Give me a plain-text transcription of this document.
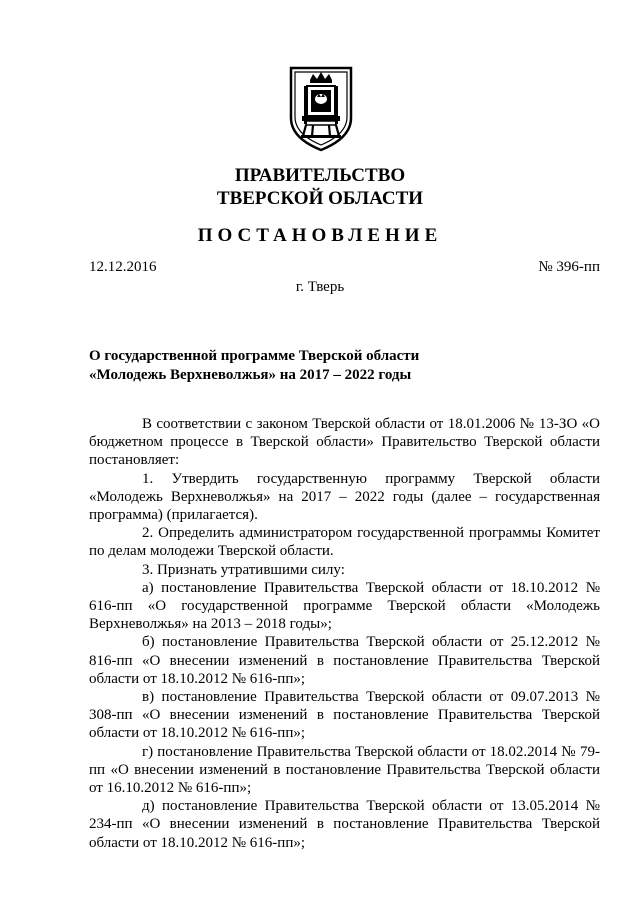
ПРАВИТЕЛЬСТВО
ТВЕРСКОЙ ОБЛАСТИ
ПОСТАНОВЛЕНИЕ
12.12.2016	№ 396-пп
г. Тверь
О государственной программе Тверской области
«Молодежь Верхневолжья» на 2017 – 2022 годы

В соответствии с законом Тверской области от 18.01.2006 № 13-ЗО «О бюджетном процессе в Тверской области» Правительство Тверской области постановляет:

1. Утвердить государственную программу Тверской области «Молодежь Верхневолжья» на 2017 – 2022 годы (далее – государственная программа) (прилагается).

2. Определить администратором государственной программы Комитет по делам молодежи Тверской области.

3. Признать утратившими силу:

а) постановление Правительства Тверской области от 18.10.2012 № 616-пп «О государственной программе Тверской области «Молодежь Верхневолжья» на 2013 – 2018 годы»;

б) постановление Правительства Тверской области от 25.12.2012 № 816-пп «О внесении изменений в постановление Правительства Тверской области от 18.10.2012 № 616-пп»;

в) постановление Правительства Тверской области от 09.07.2013 № 308-пп «О внесении изменений в постановление Правительства Тверской области от 18.10.2012 № 616-пп»;

г) постановление Правительства Тверской области от 18.02.2014 № 79-пп «О внесении изменений в постановление Правительства Тверской области от 16.10.2012 № 616-пп»;

д) постановление Правительства Тверской области от 13.05.2014 № 234-пп «О внесении изменений в постановление Правительства Тверской области от 18.10.2012 № 616-пп»;
